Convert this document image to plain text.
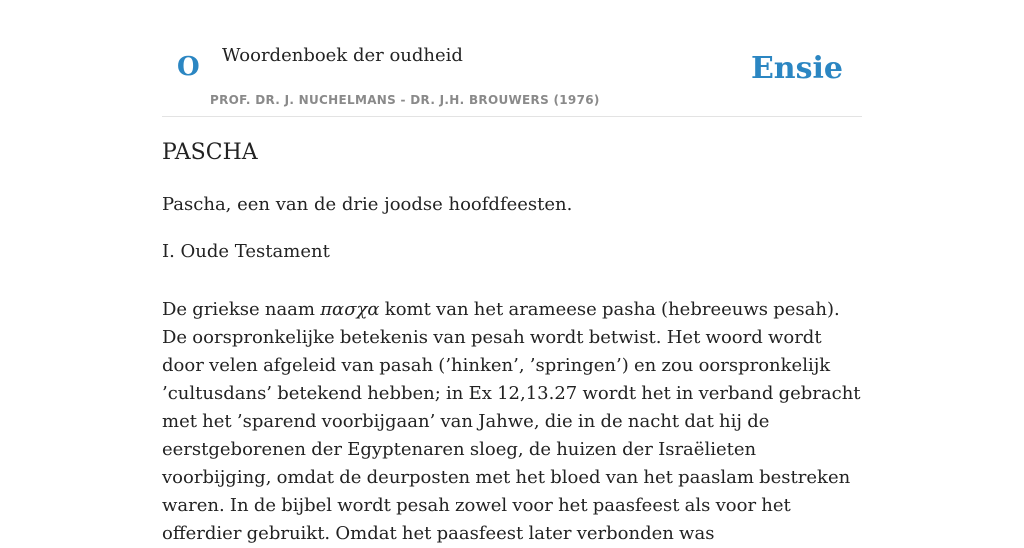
O Woordenboek der oudheid
PROF. DR. J. NUCHELMANS - DR. J.H. BROUWERS (1976)
Ensie
PASCHA

Pascha, een van de drie joodse hoofdfeesten.

I. Oude Testament

De griekse naam πασχα komt van het arameese pasha (hebreeuws pesah). De oorspronkelijke betekenis van pesah wordt betwist. Het woord wordt door velen afgeleid van pasah (’hinken’, ’springen’) en zou oorspronkelijk ’cultusdans’ betekend hebben; in Ex 12,13.27 wordt het in verband gebracht met het ’sparend voorbijgaan’ van Jahwe, die in de nacht dat hij de eerstgeborenen der Egyptenaren sloeg, de huizen der Israëlieten voorbijging, omdat de deurposten met het bloed van het paaslam bestreken waren. In de bijbel wordt pesah zowel voor het paasfeest als voor het offerdier gebruikt. Omdat het paasfeest later verbonden was
